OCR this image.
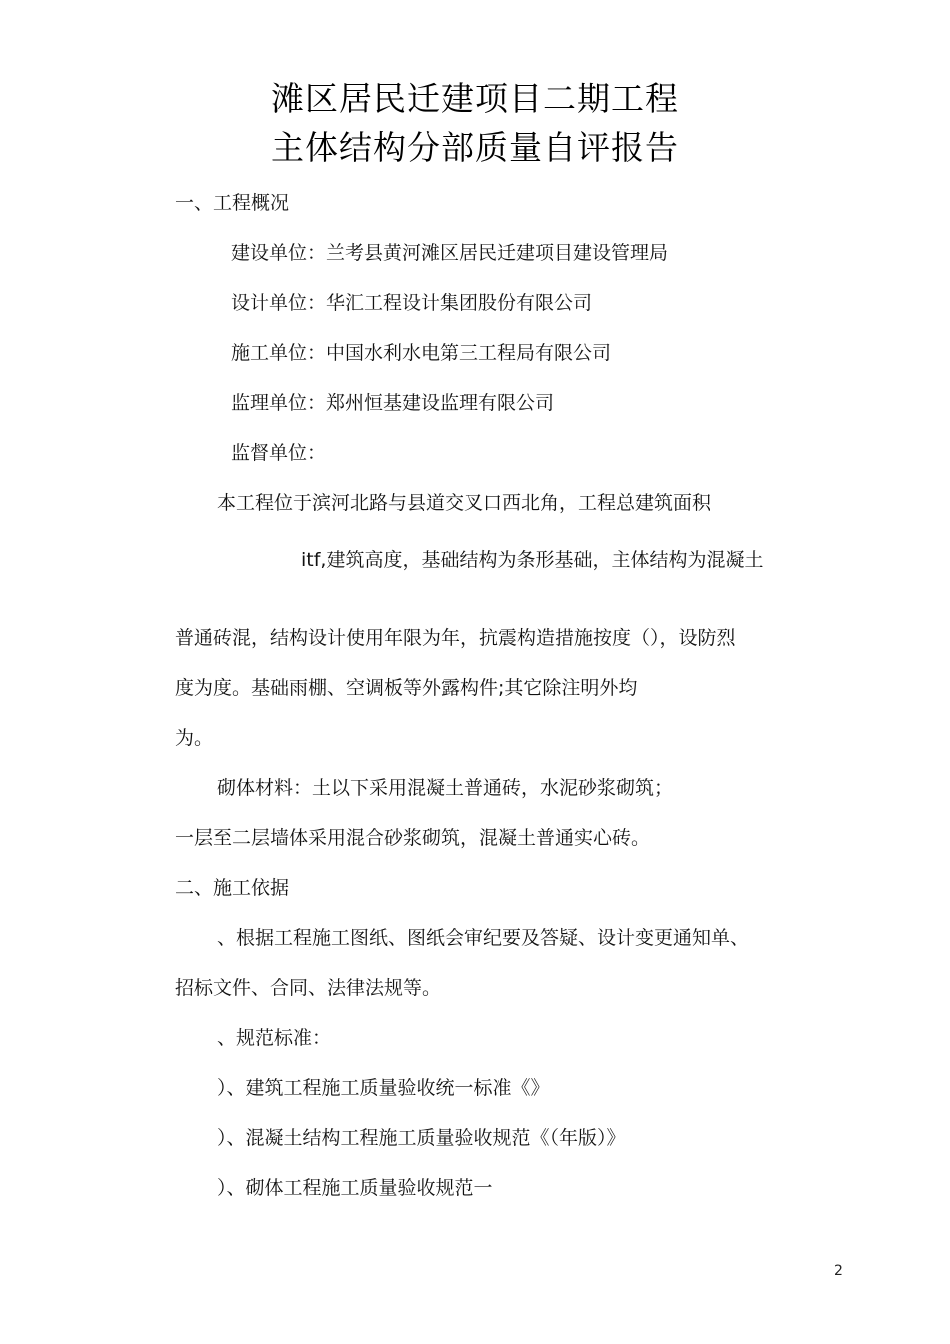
滩区居民迁建项目二期工程
主体结构分部质量自评报告
一、工程概况
建设单位：兰考县黄河滩区居民迁建项目建设管理局
设计单位：华汇工程设计集团股份有限公司
施工单位：中国水利水电第三工程局有限公司
监理单位：郑州恒基建设监理有限公司
监督单位：
本工程位于滨河北路与县道交叉口西北角，工程总建筑面积
itf,建筑高度，基础结构为条形基础，主体结构为混凝土
普通砖混，结构设计使用年限为年，抗震构造措施按度（），设防烈
度为度。基础雨棚、空调板等外露构件;其它除注明外均
为。
砌体材料：土以下采用混凝土普通砖，水泥砂浆砌筑；
一层至二层墙体采用混合砂浆砌筑，混凝土普通实心砖。
二、施工依据
、根据工程施工图纸、图纸会审纪要及答疑、设计变更通知单、
招标文件、合同、法律法规等。
、规范标准：
）、建筑工程施工质量验收统一标准《》
）、混凝土结构工程施工质量验收规范《（年版）》
）、砌体工程施工质量验收规范一
2
